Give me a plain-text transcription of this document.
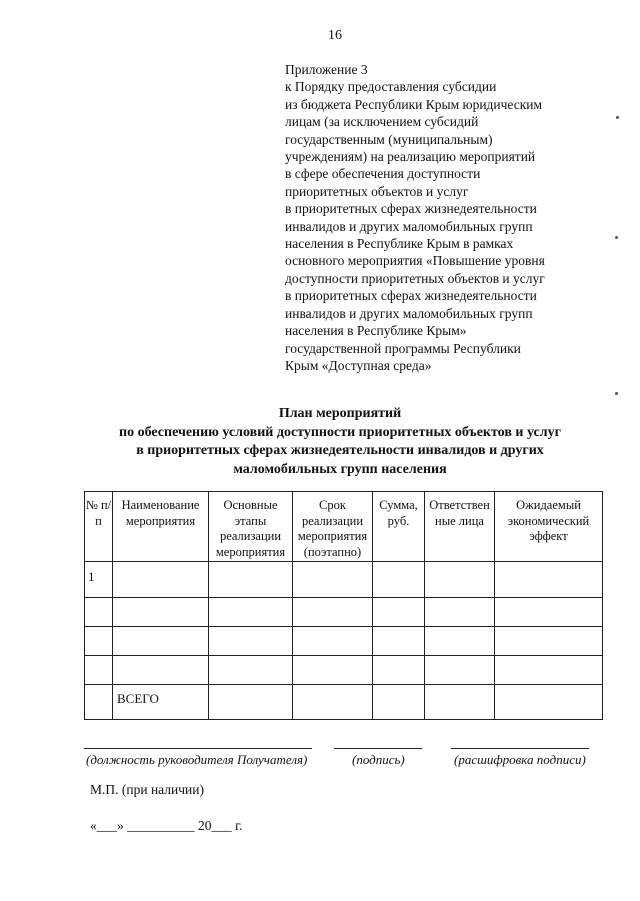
16
Приложение 3
к Порядку предоставления субсидии
из бюджета Республики Крым юридическим
лицам (за исключением субсидий
государственным (муниципальным)
учреждениям) на реализацию мероприятий
в сфере обеспечения доступности
приоритетных объектов и услуг
в приоритетных сферах жизнедеятельности
инвалидов и других маломобильных групп
населения в Республике Крым в рамках
основного мероприятия «Повышение уровня
доступности приоритетных объектов и услуг
в приоритетных сферах жизнедеятельности
инвалидов и других маломобильных групп
населения в Республике Крым»
государственной программы Республики
Крым «Доступная среда»
План мероприятий
по обеспечению условий доступности приоритетных объектов и услуг
в приоритетных сферах жизнедеятельности инвалидов и других
маломобильных групп населения
№ п/п	Наименование мероприятия	Основные этапы реализации мероприятия	Срок реализации мероприятия (поэтапно)	Сумма, руб.	Ответствен ные лица	Ожидаемый экономический эффект
1						

	ВСЕГО					
(должность руководителя Получателя)	(подпись)	(расшифровка подписи)
М.П. (при наличии)
«___» __________ 20___ г.
